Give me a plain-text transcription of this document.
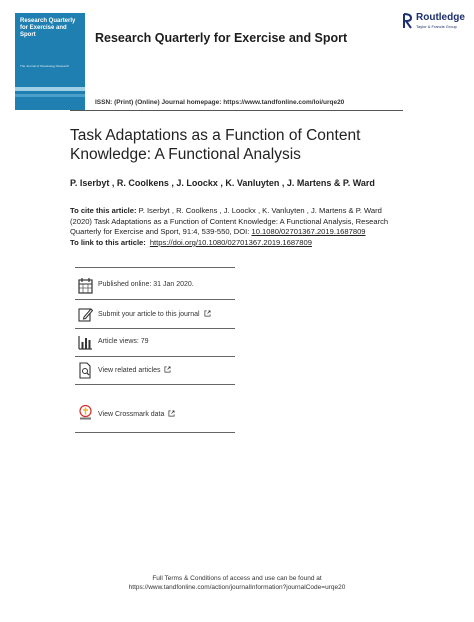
Research Quarterly for Exercise and Sport
The Journal of Kinesiology Research
Research Quarterly for Exercise and Sport
Routledge
Taylor & Francis Group
ISSN: (Print) (Online) Journal homepage: https://www.tandfonline.com/loi/urqe20
Task Adaptations as a Function of Content Knowledge: A Functional Analysis
P. Iserbyt , R. Coolkens , J. Loockx , K. Vanluyten , J. Martens & P. Ward
To cite this article: P. Iserbyt , R. Coolkens , J. Loockx , K. Vanluyten , J. Martens & P. Ward (2020) Task Adaptations as a Function of Content Knowledge: A Functional Analysis, Research Quarterly for Exercise and Sport, 91:4, 539-550, DOI: 10.1080/02701367.2019.1687809
To link to this article: https://doi.org/10.1080/02701367.2019.1687809
Published online: 31 Jan 2020.
Submit your article to this journal
Article views: 79
View related articles
View Crossmark data
Full Terms & Conditions of access and use can be found at
https://www.tandfonline.com/action/journalInformation?journalCode=urqe20
